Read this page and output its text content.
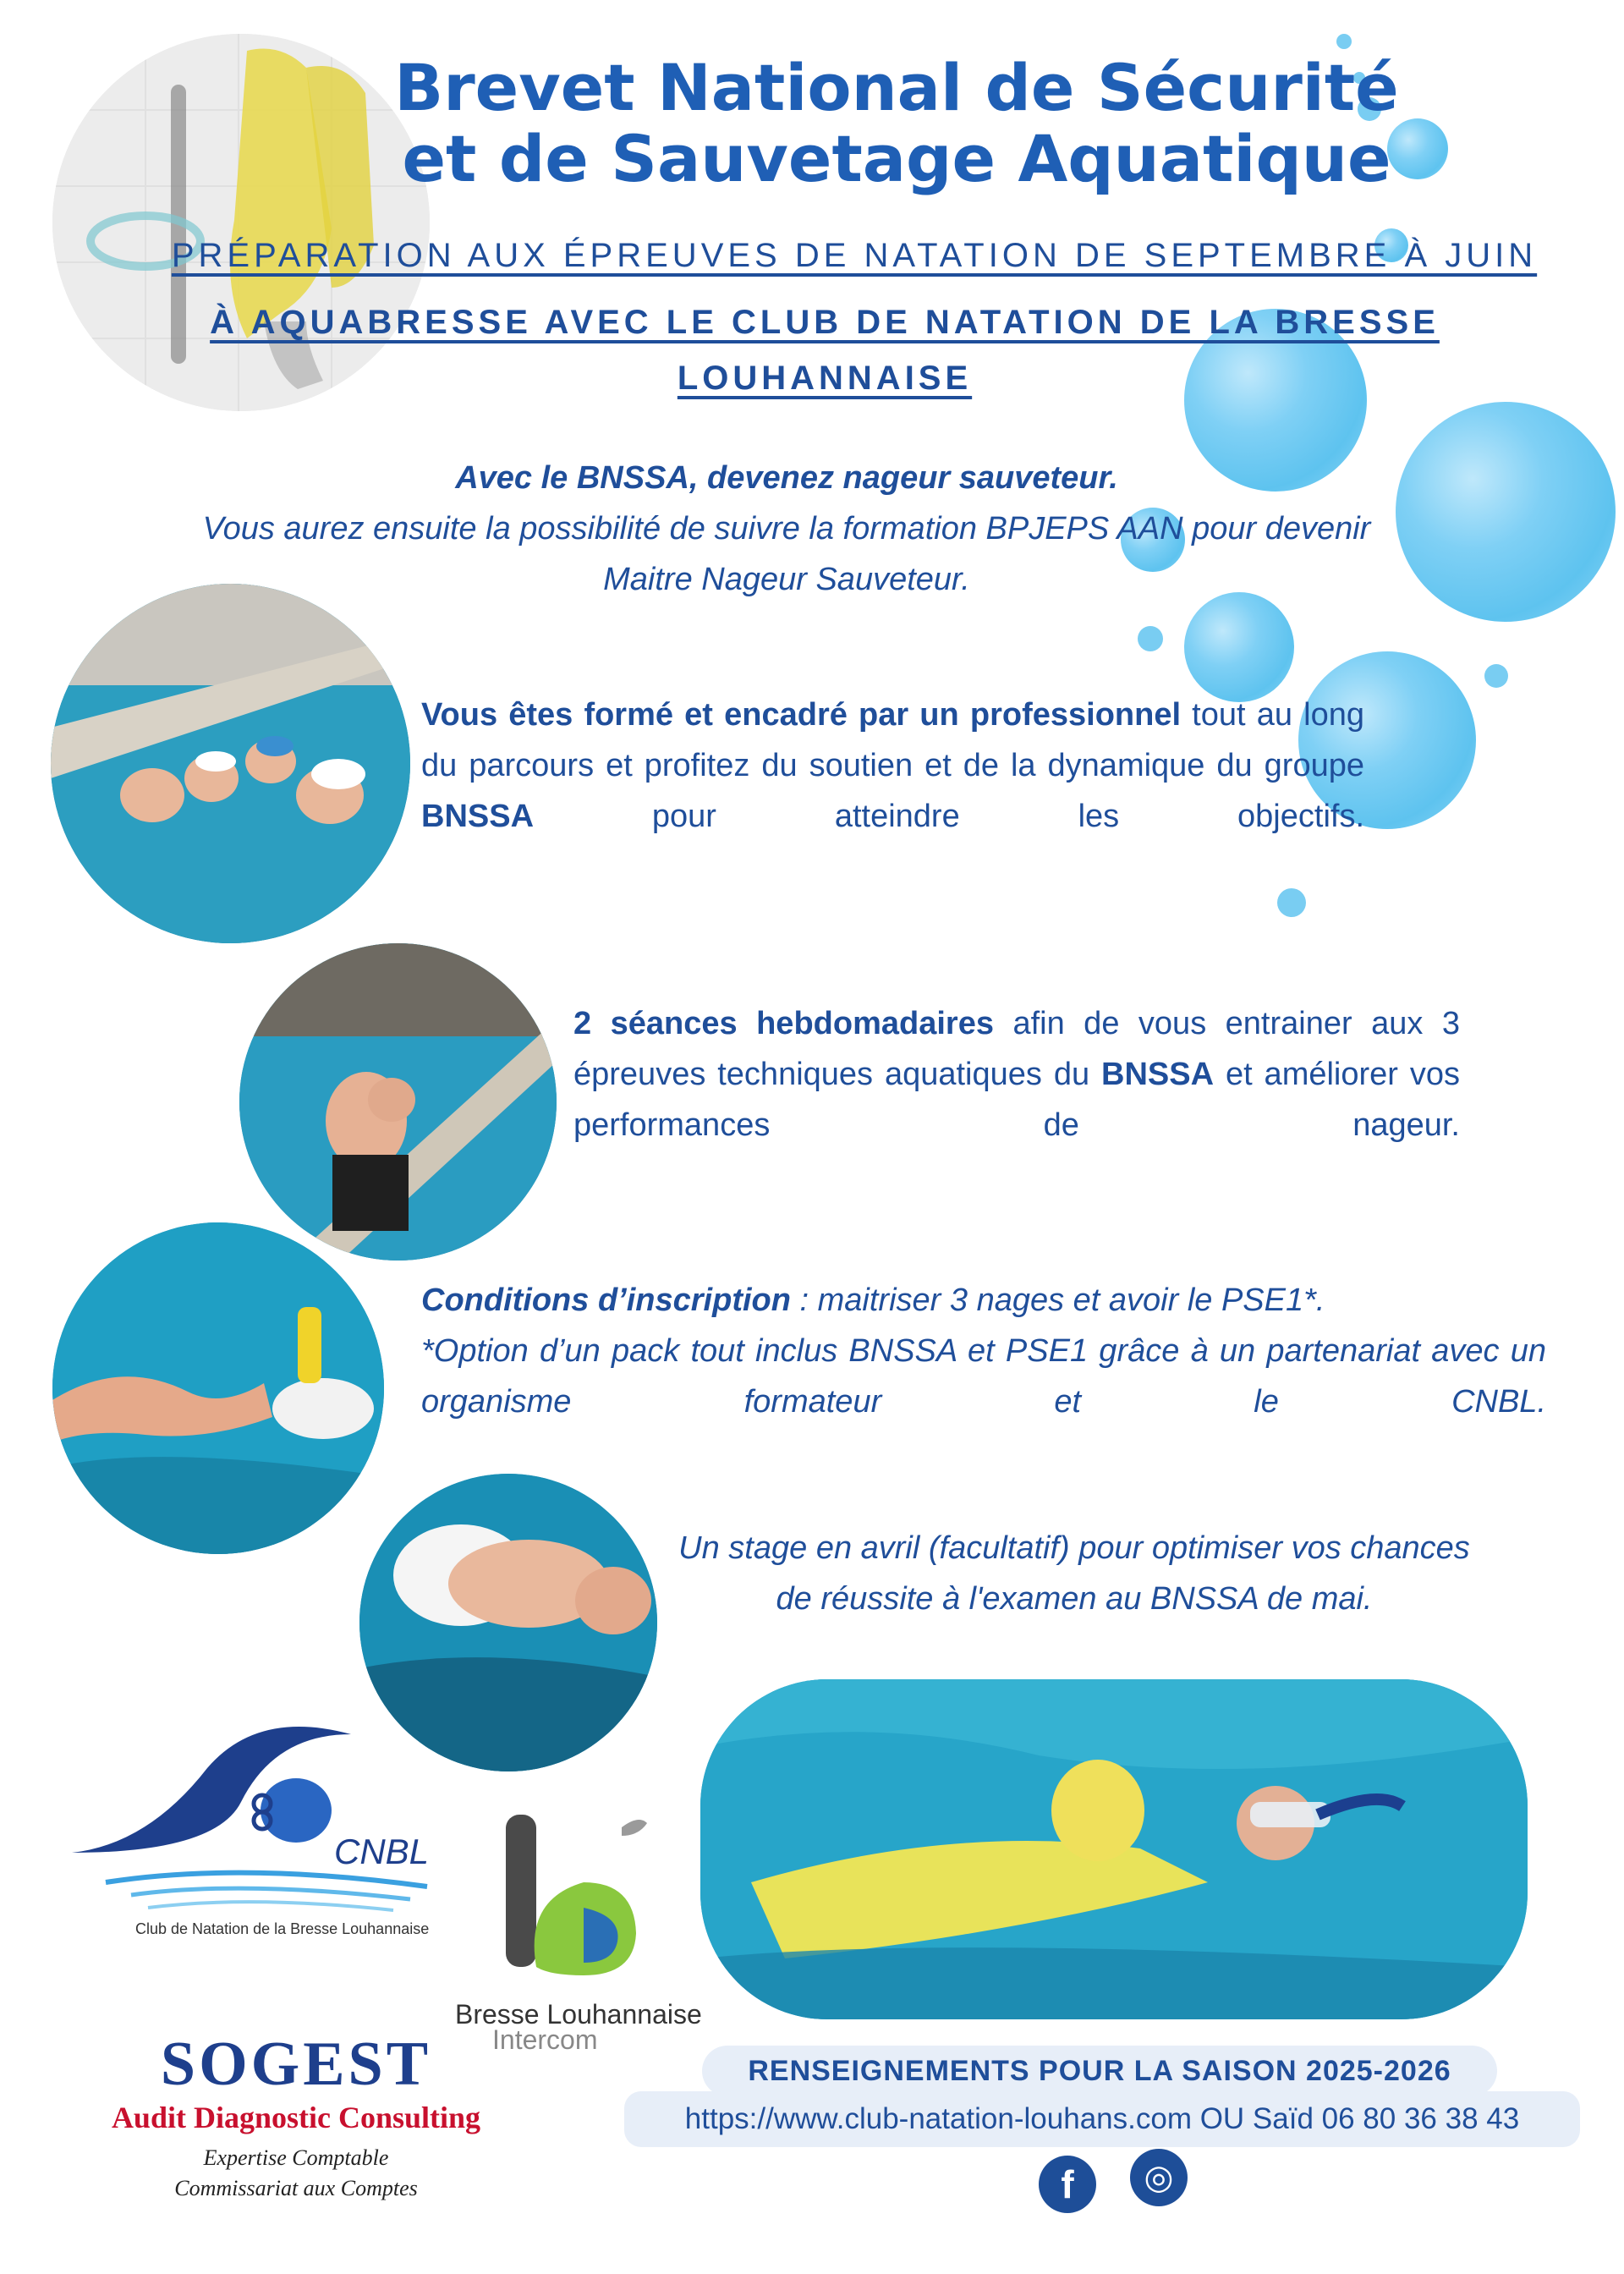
Brevet National de Sécurité
et de Sauvetage Aquatique

PRÉPARATION AUX ÉPREUVES DE NATATION DE SEPTEMBRE À JUIN

À AQUABRESSE AVEC LE CLUB DE NATATION DE LA BRESSE LOUHANNAISE

Avec le BNSSA, devenez nageur sauveteur.

Vous aurez ensuite la possibilité de suivre la formation BPJEPS AAN pour devenir Maitre Nageur Sauveteur.

Vous êtes formé et encadré par un professionnel tout au long du parcours et profitez du soutien et de la dynamique du groupe BNSSA pour atteindre les objectifs.

2 séances hebdomadaires afin de vous entrainer aux 3 épreuves techniques aquatiques du BNSSA et améliorer vos performances de nageur.

Conditions d’inscription : maitriser 3 nages et avoir le PSE1*.

*Option d’un pack tout inclus BNSSA et PSE1 grâce à un partenariat avec un organisme formateur et le CNBL.

Un stage en avril (facultatif) pour optimiser vos chances de réussite à l'examen au BNSSA de mai.

CNBL
Club de Natation de la Bresse Louhannaise
Bresse Louhannaise
Intercom
SOGEST
Audit Diagnostic Consulting
Expertise Comptable
Commissariat aux Comptes
RENSEIGNEMENTS POUR LA SAISON 2025-2026
https://www.club-natation-louhans.com OU Saïd 06 80 36 38 43
f	◎
